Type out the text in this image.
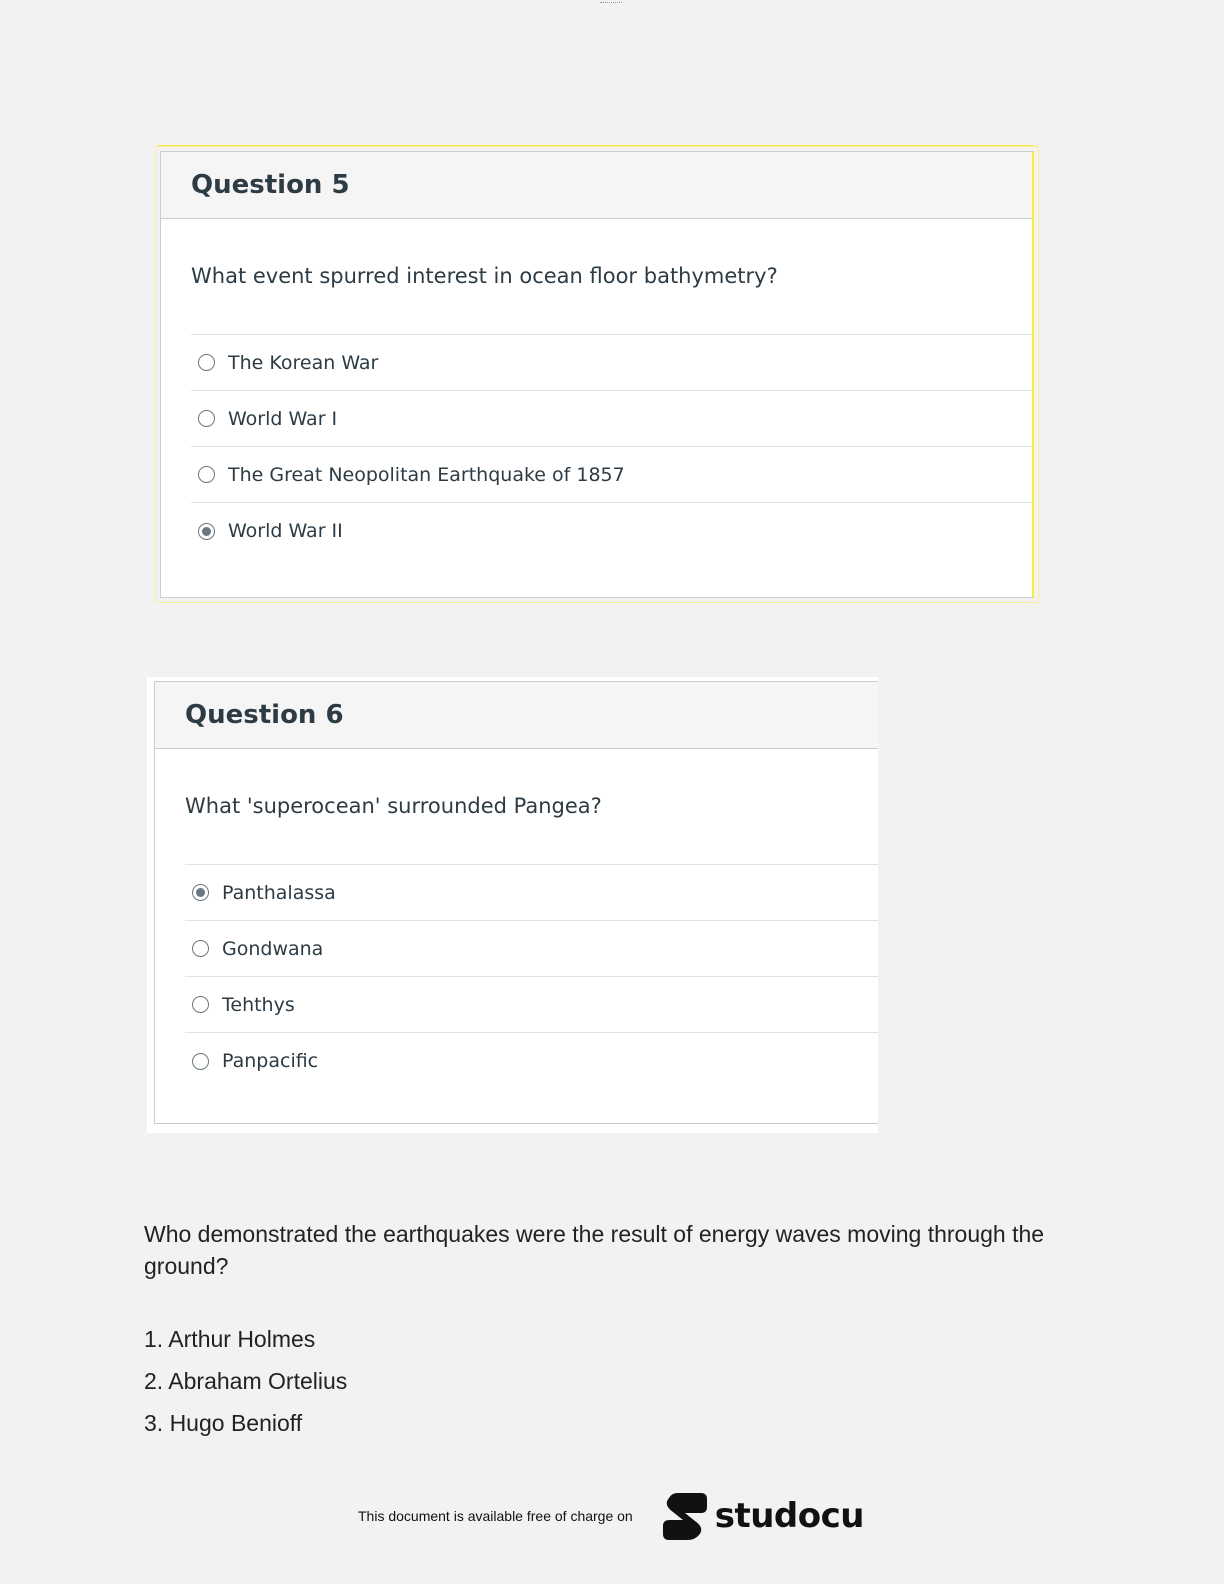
Question 5
What event spurred interest in ocean floor bathymetry?
The Korean War
World War I
The Great Neopolitan Earthquake of 1857
World War II
Question 6
What 'superocean' surrounded Pangea?
Panthalassa
Gondwana
Tehthys
Panpacific
Who demonstrated the earthquakes were the result of energy waves moving through the ground?
1. Arthur Holmes
2. Abraham Ortelius
3. Hugo Benioff
This document is available free of charge on studocu
